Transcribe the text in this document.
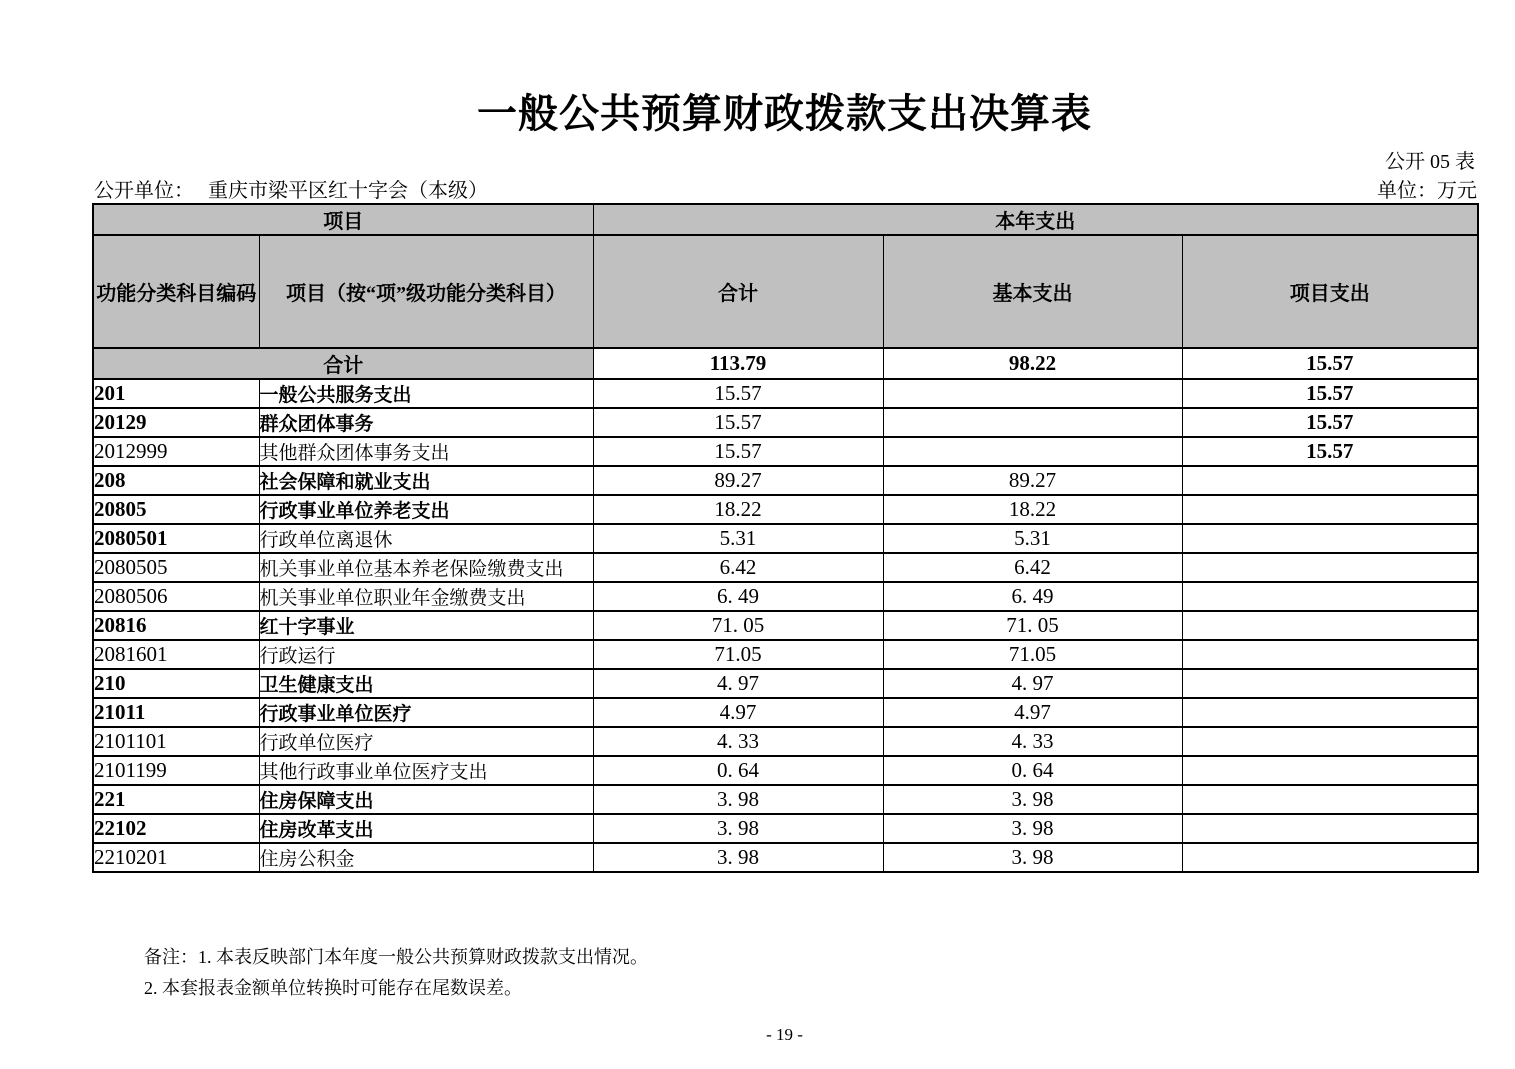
一般公共预算财政拨款支出决算表
公开 05 表
公开单位： 重庆市梁平区红十字会（本级）	单位：万元
项目		本年支出		
功能分类科目编码	项目（按“项”级功能分类科目）	合计	基本支出	项目支出
合计		113.79	98.22	15.57
201	一般公共服务支出	15.57		15.57
20129	群众团体事务	15.57		15.57
2012999	其他群众团体事务支出	15.57		15.57
208	社会保障和就业支出	89.27	89.27	
20805	行政事业单位养老支出	18.22	18.22	
2080501	行政单位离退休	5.31	5.31	
2080505	机关事业单位基本养老保险缴费支出	6.42	6.42	
2080506	机关事业单位职业年金缴费支出	6. 49	6. 49	
20816	红十字事业	71. 05	71. 05	
2081601	行政运行	71.05	71.05	
210	卫生健康支出	4. 97	4. 97	
21011	行政事业单位医疗	4.97	4.97	
2101101	行政单位医疗	4. 33	4. 33	
2101199	其他行政事业单位医疗支出	0. 64	0. 64	
221	住房保障支出	3. 98	3. 98	
22102	住房改革支出	3. 98	3. 98	
2210201	住房公积金	3. 98	3. 98	
备注：1. 本表反映部门本年度一般公共预算财政拨款支出情况。
2. 本套报表金额单位转换时可能存在尾数误差。
- 19 -
